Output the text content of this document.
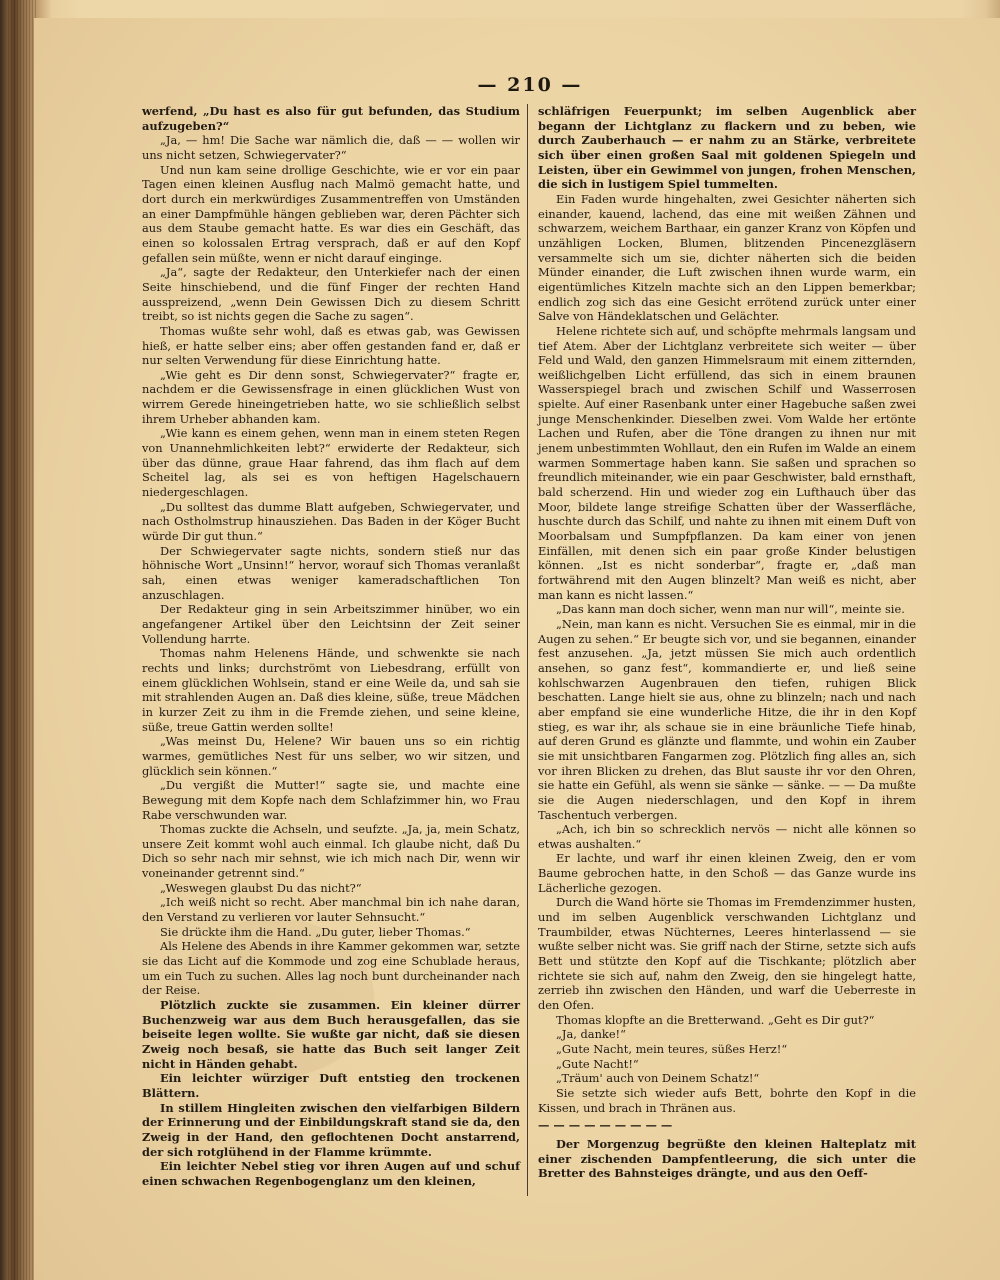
— 210 —

werfend, „Du hast es also für gut befunden, das Studium aufzugeben?“

„Ja, — hm! Die Sache war nämlich die, daß — — wollen wir uns nicht setzen, Schwiegervater?“

Und nun kam seine drollige Geschichte, wie er vor ein paar Tagen einen kleinen Ausflug nach Malmö gemacht hatte, und dort durch ein merkwürdiges Zusammentreffen von Umständen an einer Dampfmühle hängen geblieben war, deren Pächter sich aus dem Staube gemacht hatte. Es war dies ein Geschäft, das einen so kolossalen Ertrag versprach, daß er auf den Kopf gefallen sein müßte, wenn er nicht darauf einginge.

„Ja“, sagte der Redakteur, den Unterkiefer nach der einen Seite hinschiebend, und die fünf Finger der rechten Hand ausspreizend, „wenn Dein Gewissen Dich zu diesem Schritt treibt, so ist nichts gegen die Sache zu sagen“.

Thomas wußte sehr wohl, daß es etwas gab, was Gewissen hieß, er hatte selber eins; aber offen gestanden fand er, daß er nur selten Verwendung für diese Einrichtung hatte.

„Wie geht es Dir denn sonst, Schwiegervater?“ fragte er, nachdem er die Gewissensfrage in einen glücklichen Wust von wirrem Gerede hineingetrieben hatte, wo sie schließlich selbst ihrem Urheber abhanden kam.

„Wie kann es einem gehen, wenn man in einem steten Regen von Unannehmlichkeiten lebt?“ erwiderte der Redakteur, sich über das dünne, graue Haar fahrend, das ihm flach auf dem Scheitel lag, als sei es von heftigen Hagelschauern niedergeschlagen.

„Du solltest das dumme Blatt aufgeben, Schwiegervater, und nach Ostholmstrup hinausziehen. Das Baden in der Köger Bucht würde Dir gut thun.“

Der Schwiegervater sagte nichts, sondern stieß nur das höhnische Wort „Unsinn!“ hervor, worauf sich Thomas veranlaßt sah, einen etwas weniger kameradschaftlichen Ton anzuschlagen.

Der Redakteur ging in sein Arbeitszimmer hinüber, wo ein angefangener Artikel über den Leichtsinn der Zeit seiner Vollendung harrte.

Thomas nahm Helenens Hände, und schwenkte sie nach rechts und links; durchströmt von Liebesdrang, erfüllt von einem glücklichen Wohlsein, stand er eine Weile da, und sah sie mit strahlenden Augen an. Daß dies kleine, süße, treue Mädchen in kurzer Zeit zu ihm in die Fremde ziehen, und seine kleine, süße, treue Gattin werden sollte!

„Was meinst Du, Helene? Wir bauen uns so ein richtig warmes, gemütliches Nest für uns selber, wo wir sitzen, und glücklich sein können.“

„Du vergißt die Mutter!“ sagte sie, und machte eine Bewegung mit dem Kopfe nach dem Schlafzimmer hin, wo Frau Rabe verschwunden war.

Thomas zuckte die Achseln, und seufzte. „Ja, ja, mein Schatz, unsere Zeit kommt wohl auch einmal. Ich glaube nicht, daß Du Dich so sehr nach mir sehnst, wie ich mich nach Dir, wenn wir voneinander getrennt sind.“

„Weswegen glaubst Du das nicht?“

„Ich weiß nicht so recht. Aber manchmal bin ich nahe daran, den Verstand zu verlieren vor lauter Sehnsucht.“

Sie drückte ihm die Hand. „Du guter, lieber Thomas.“

Als Helene des Abends in ihre Kammer gekommen war, setzte sie das Licht auf die Kommode und zog eine Schublade heraus, um ein Tuch zu suchen. Alles lag noch bunt durcheinander nach der Reise.

Plötzlich zuckte sie zusammen. Ein kleiner dürrer Buchenzweig war aus dem Buch herausgefallen, das sie beiseite legen wollte. Sie wußte gar nicht, daß sie diesen Zweig noch besaß, sie hatte das Buch seit langer Zeit nicht in Händen gehabt.

Ein leichter würziger Duft entstieg den trockenen Blättern.

In stillem Hingleiten zwischen den vielfarbigen Bildern der Erinnerung und der Einbildungskraft stand sie da, den Zweig in der Hand, den geflochtenen Docht anstarrend, der sich rotglühend in der Flamme krümmte.

Ein leichter Nebel stieg vor ihren Augen auf und schuf einen schwachen Regenbogenglanz um den kleinen,

schläfrigen Feuerpunkt; im selben Augenblick aber begann der Lichtglanz zu flackern und zu beben, wie durch Zauberhauch — er nahm zu an Stärke, verbreitete sich über einen großen Saal mit goldenen Spiegeln und Leisten, über ein Gewimmel von jungen, frohen Menschen, die sich in lustigem Spiel tummelten.

Ein Faden wurde hingehalten, zwei Gesichter näherten sich einander, kauend, lachend, das eine mit weißen Zähnen und schwarzem, weichem Barthaar, ein ganzer Kranz von Köpfen und unzähligen Locken, Blumen, blitzenden Pincenezgläsern versammelte sich um sie, dichter näherten sich die beiden Münder einander, die Luft zwischen ihnen wurde warm, ein eigentümliches Kitzeln machte sich an den Lippen bemerkbar; endlich zog sich das eine Gesicht errötend zurück unter einer Salve von Händeklatschen und Gelächter.

Helene richtete sich auf, und schöpfte mehrmals langsam und tief Atem. Aber der Lichtglanz verbreitete sich weiter — über Feld und Wald, den ganzen Himmelsraum mit einem zitternden, weißlichgelben Licht erfüllend, das sich in einem braunen Wasserspiegel brach und zwischen Schilf und Wasserrosen spielte. Auf einer Rasenbank unter einer Hagebuche saßen zwei junge Menschenkinder. Dieselben zwei. Vom Walde her ertönte Lachen und Rufen, aber die Töne drangen zu ihnen nur mit jenem unbestimmten Wohllaut, den ein Rufen im Walde an einem warmen Sommertage haben kann. Sie saßen und sprachen so freundlich miteinander, wie ein paar Geschwister, bald ernsthaft, bald scherzend. Hin und wieder zog ein Lufthauch über das Moor, bildete lange streifige Schatten über der Wasserfläche, huschte durch das Schilf, und nahte zu ihnen mit einem Duft von Moorbalsam und Sumpfpflanzen. Da kam einer von jenen Einfällen, mit denen sich ein paar große Kinder belustigen können. „Ist es nicht sonderbar“, fragte er, „daß man fortwährend mit den Augen blinzelt? Man weiß es nicht, aber man kann es nicht lassen.“

„Das kann man doch sicher, wenn man nur will“, meinte sie.

„Nein, man kann es nicht. Versuchen Sie es einmal, mir in die Augen zu sehen.“ Er beugte sich vor, und sie begannen, einander fest anzusehen. „Ja, jetzt müssen Sie mich auch ordentlich ansehen, so ganz fest“, kommandierte er, und ließ seine kohlschwarzen Augenbrauen den tiefen, ruhigen Blick beschatten. Lange hielt sie aus, ohne zu blinzeln; nach und nach aber empfand sie eine wunderliche Hitze, die ihr in den Kopf stieg, es war ihr, als schaue sie in eine bräunliche Tiefe hinab, auf deren Grund es glänzte und flammte, und wohin ein Zauber sie mit unsichtbaren Fangarmen zog. Plötzlich fing alles an, sich vor ihren Blicken zu drehen, das Blut sauste ihr vor den Ohren, sie hatte ein Gefühl, als wenn sie sänke — sänke. — — Da mußte sie die Augen niederschlagen, und den Kopf in ihrem Taschentuch verbergen.

„Ach, ich bin so schrecklich nervös — nicht alle können so etwas aushalten.“

Er lachte, und warf ihr einen kleinen Zweig, den er vom Baume gebrochen hatte, in den Schoß — das Ganze wurde ins Lächerliche gezogen.

Durch die Wand hörte sie Thomas im Fremdenzimmer husten, und im selben Augenblick verschwanden Lichtglanz und Traumbilder, etwas Nüchternes, Leeres hinterlassend — sie wußte selber nicht was. Sie griff nach der Stirne, setzte sich aufs Bett und stützte den Kopf auf die Tischkante; plötzlich aber richtete sie sich auf, nahm den Zweig, den sie hingelegt hatte, zerrieb ihn zwischen den Händen, und warf die Ueberreste in den Ofen.

Thomas klopfte an die Bretterwand. „Geht es Dir gut?“

„Ja, danke!“

„Gute Nacht, mein teures, süßes Herz!“

„Gute Nacht!“

„Träum' auch von Deinem Schatz!“

Sie setzte sich wieder aufs Bett, bohrte den Kopf in die Kissen, und brach in Thränen aus.

— — — — — — — — —

Der Morgenzug begrüßte den kleinen Halteplatz mit einer zischenden Dampfentleerung, die sich unter die Bretter des Bahnsteiges drängte, und aus den Oeff-
